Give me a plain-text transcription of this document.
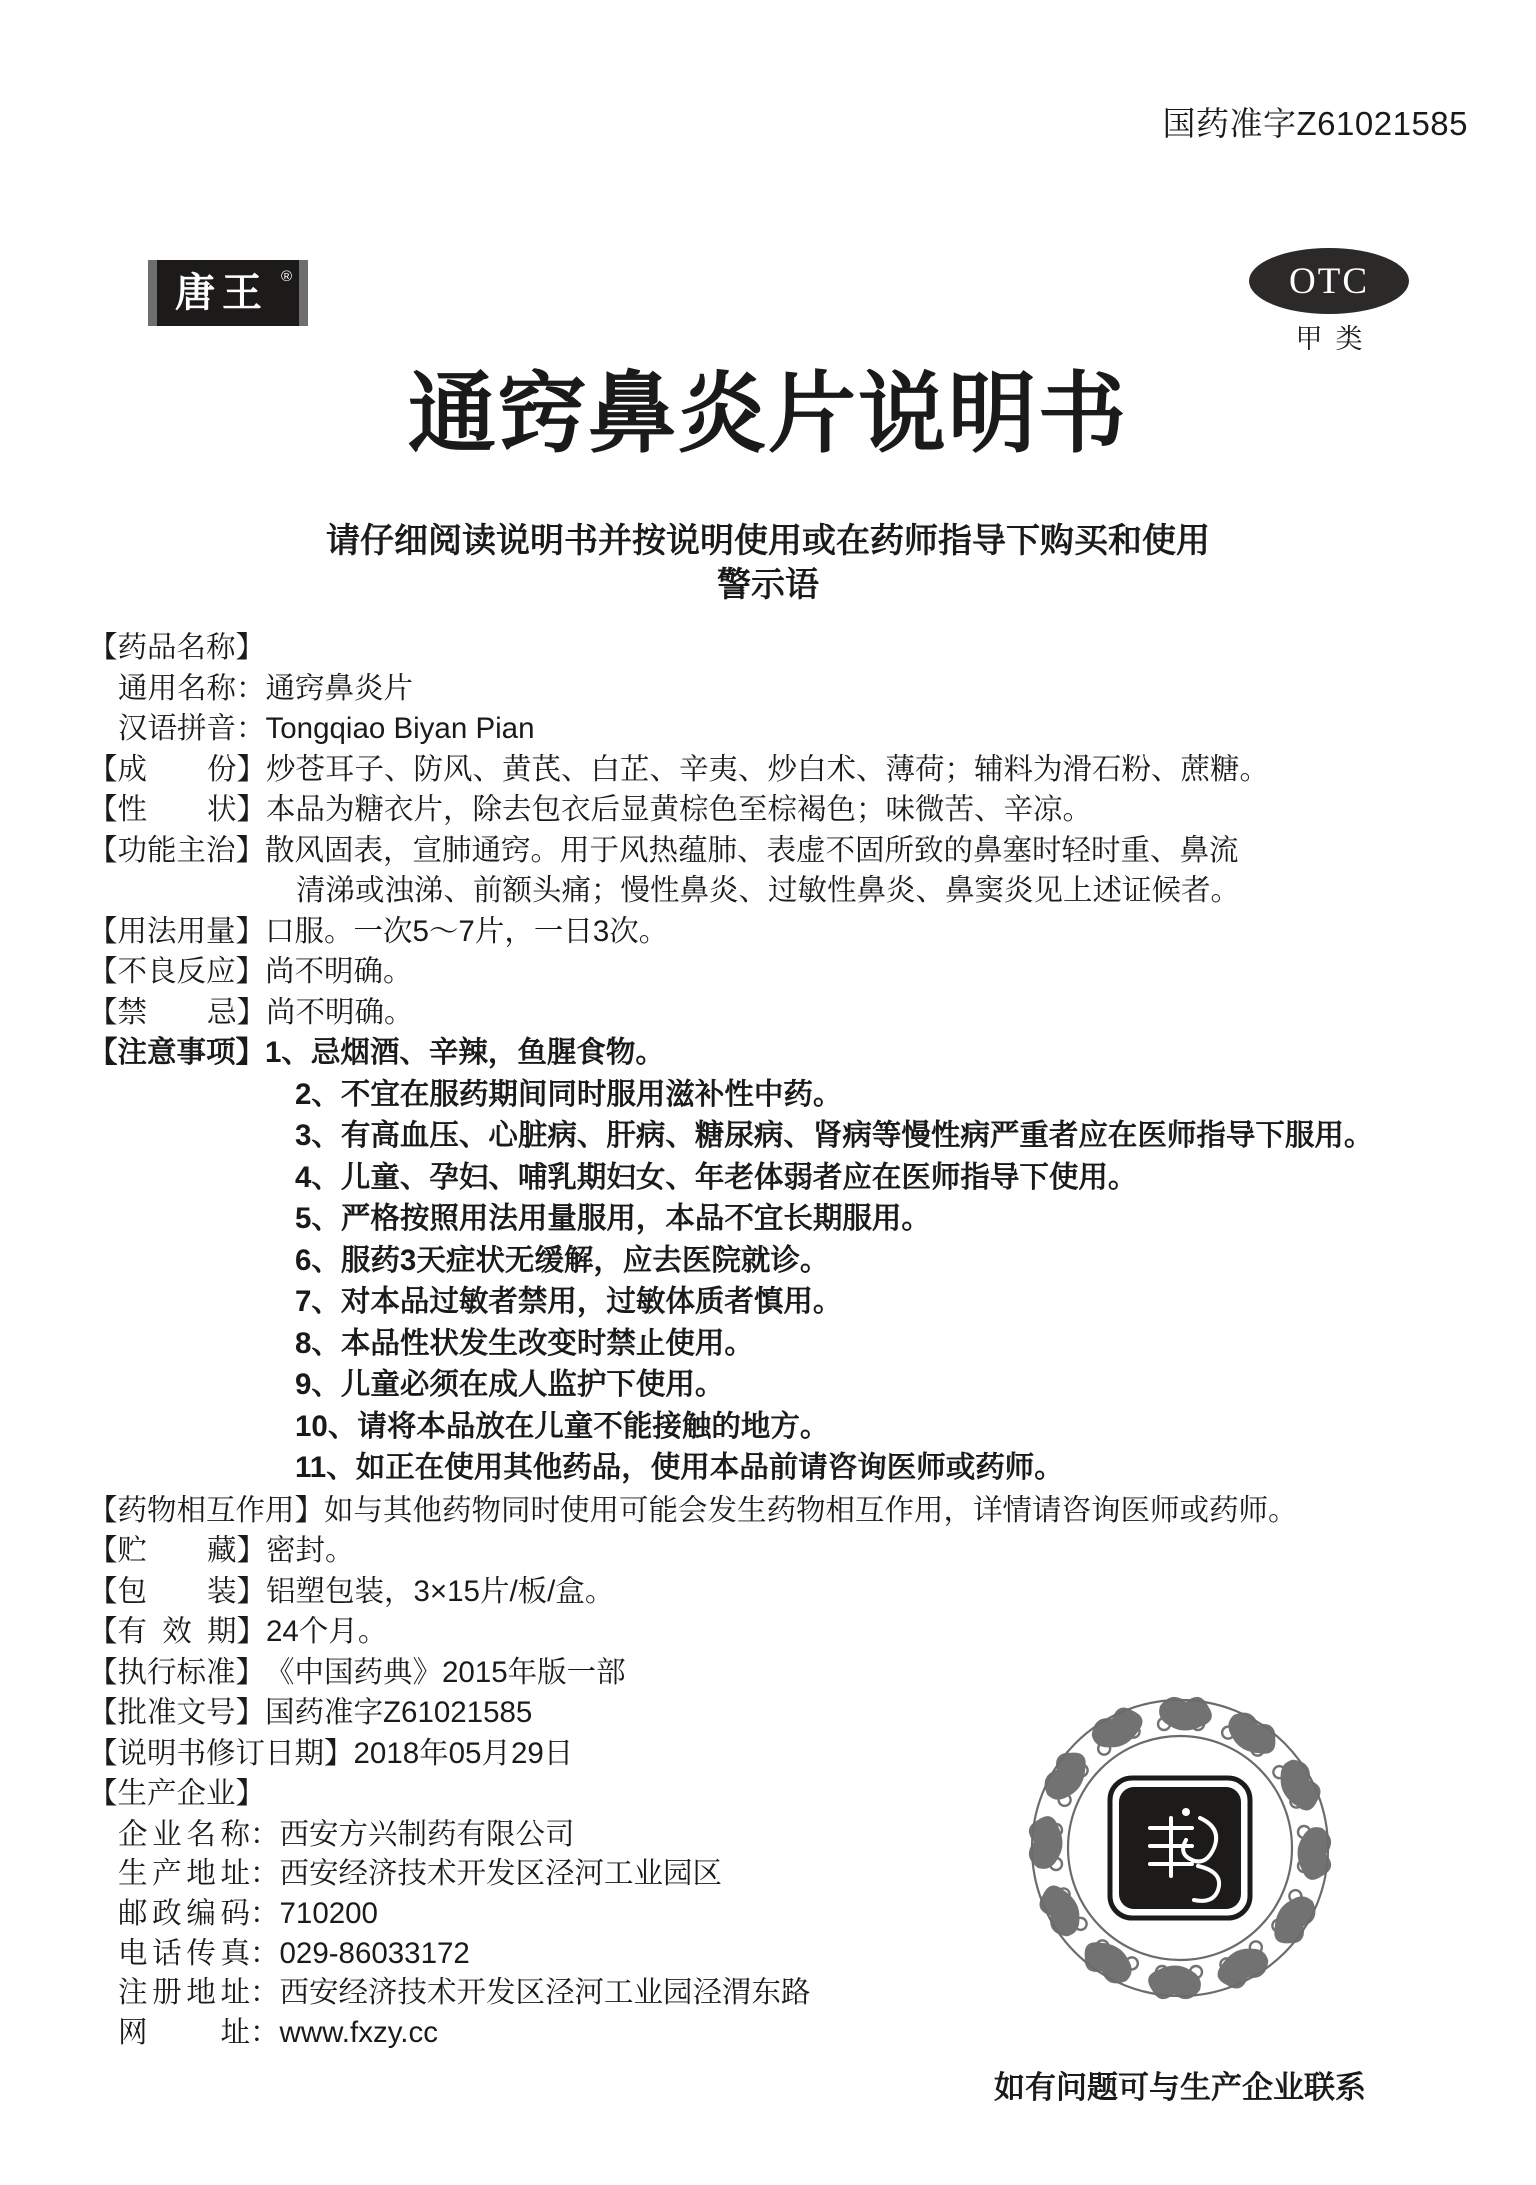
国药准字Z61021585
唐王 ®	OTC
甲类
通窍鼻炎片说明书
请仔细阅读说明书并按说明使用或在药师指导下购买和使用
警示语
【药品名称】
通用名称： 通窍鼻炎片
汉语拼音： Tongqiao Biyan Pian
【 成 份 】 炒苍耳子、防风、黄芪、白芷、辛夷、炒白术、薄荷；辅料为滑石粉、蔗糖。
【 性 状 】 本品为糖衣片，除去包衣后显黄棕色至棕褐色；味微苦、辛凉。
【功能主治】 散风固表，宣肺通窍。用于风热蕴肺、表虚不固所致的鼻塞时轻时重、鼻流
清涕或浊涕、前额头痛；慢性鼻炎、过敏性鼻炎、鼻窦炎见上述证候者。
【用法用量】 口服。一次5～7片，一日3次。
【不良反应】 尚不明确。
【 禁 忌 】 尚不明确。
【注意事项】 1、忌烟酒、辛辣，鱼腥食物。
2、不宜在服药期间同时服用滋补性中药。
3、有高血压、心脏病、肝病、糖尿病、肾病等慢性病严重者应在医师指导下服用。
4、儿童、孕妇、哺乳期妇女、年老体弱者应在医师指导下使用。
5、严格按照用法用量服用，本品不宜长期服用。
6、服药3天症状无缓解，应去医院就诊。
7、对本品过敏者禁用，过敏体质者慎用。
8、本品性状发生改变时禁止使用。
9、儿童必须在成人监护下使用。
10、请将本品放在儿童不能接触的地方。
11、如正在使用其他药品，使用本品前请咨询医师或药师。
【药物相互作用】 如与其他药物同时使用可能会发生药物相互作用，详情请咨询医师或药师。
【 贮 藏 】 密封。
【 包 装 】 铝塑包装，3×15片/板/盒。
【 有 效 期 】 24个月。
【执行标准】 《中国药典》2015年版一部
【批准文号】 国药准字Z61021585
【说明书修订日期】 2018年05月29日
【生产企业】
企 业 名 称 ： 西安方兴制药有限公司
生 产 地 址 ： 西安经济技术开发区泾河工业园区
邮 政 编 码 ： 710200
电 话 传 真 ： 029-86033172
注 册 地 址 ： 西安经济技术开发区泾河工业园泾渭东路
网 址 ： www.fxzy.cc
如有问题可与生产企业联系
